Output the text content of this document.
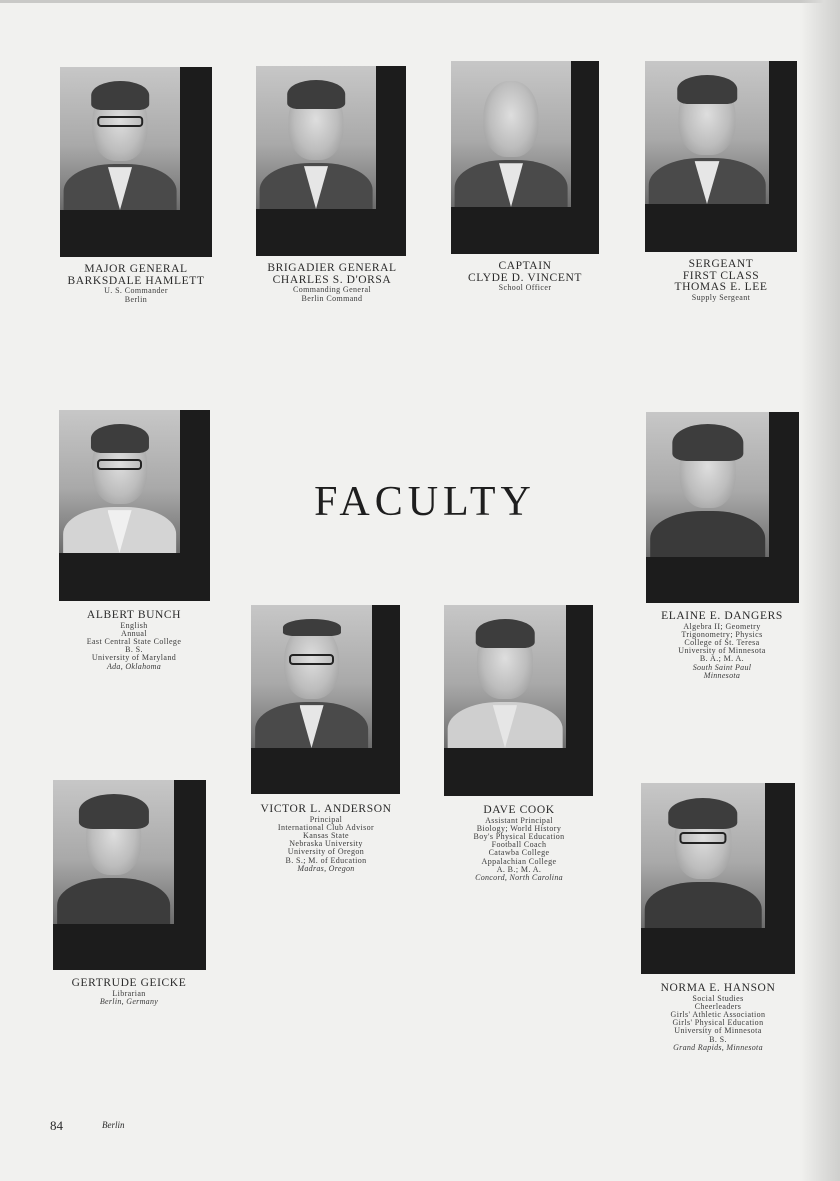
MAJOR GENERAL
BARKSDALE HAMLETT
U. S. Commander
Berlin
BRIGADIER GENERAL
CHARLES S. D'ORSA
Commanding General
Berlin Command
CAPTAIN
CLYDE D. VINCENT
School Officer
SERGEANT
FIRST CLASS
THOMAS E. LEE
Supply Sergeant
FACULTY
ALBERT BUNCH
English
Annual
East Central State College
B. S.
University of Maryland
Ada, Oklahoma
ELAINE E. DANGERS
Algebra II; Geometry
Trigonometry; Physics
College of St. Teresa
University of Minnesota
B. A.; M. A.
South Saint Paul
Minnesota
VICTOR L. ANDERSON
Principal
International Club Advisor
Kansas State
Nebraska University
University of Oregon
B. S.; M. of Education
Madras, Oregon
DAVE COOK
Assistant Principal
Biology; World History
Boy's Physical Education
Football Coach
Catawba College
Appalachian College
A. B.; M. A.
Concord, North Carolina
GERTRUDE GEICKE
Librarian
Berlin, Germany
NORMA E. HANSON
Social Studies
Cheerleaders
Girls' Athletic Association
Girls' Physical Education
University of Minnesota
B. S.
Grand Rapids, Minnesota
84	Berlin
